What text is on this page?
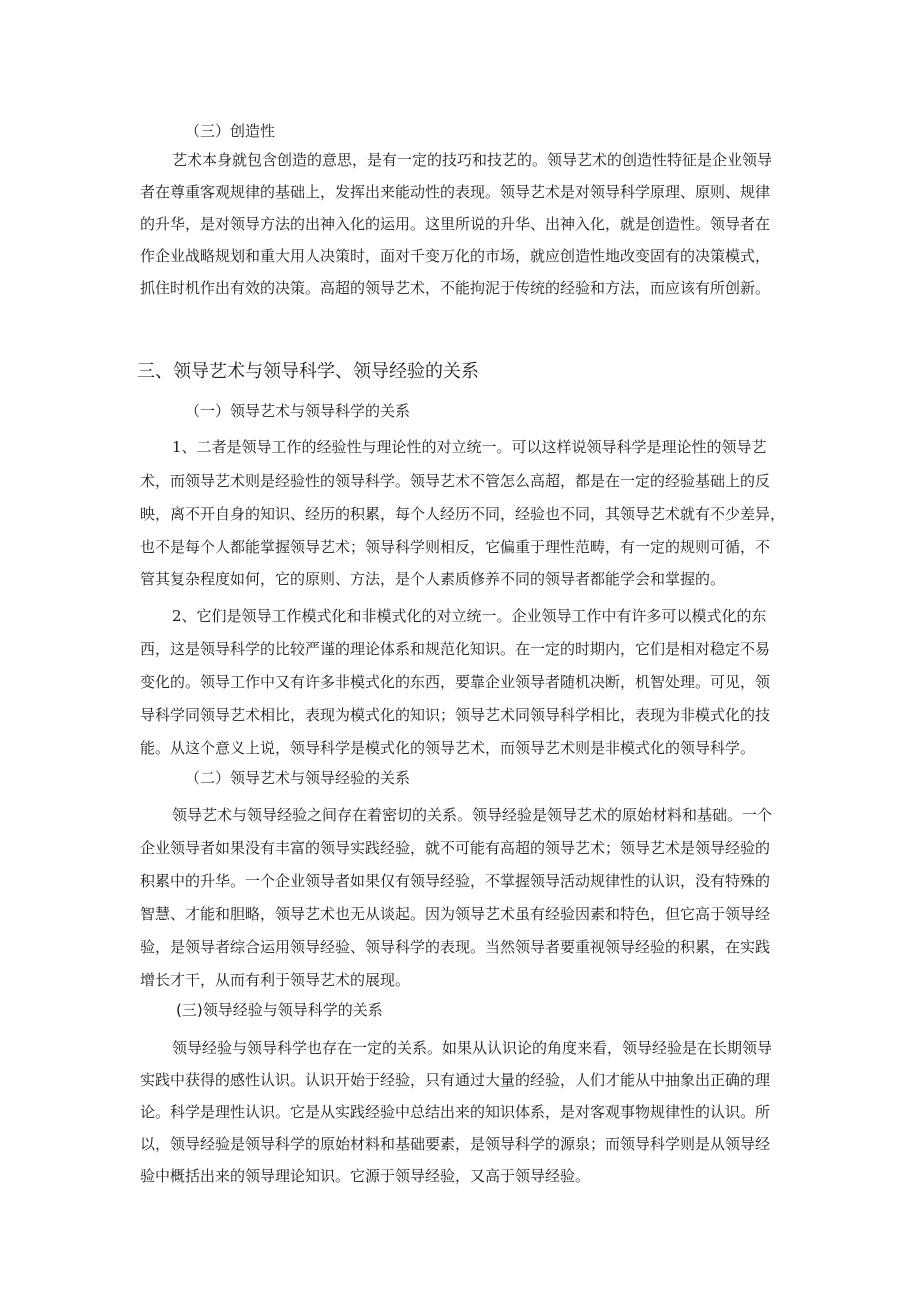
（三）创造性
艺术本身就包含创造的意思，是有一定的技巧和技艺的。领导艺术的创造性特征是企业领导
者在尊重客观规律的基础上，发挥出来能动性的表现。领导艺术是对领导科学原理、原则、规律
的升华，是对领导方法的出神入化的运用。这里所说的升华、出神入化，就是创造性。领导者在
作企业战略规划和重大用人决策时，面对千变万化的市场，就应创造性地改变固有的决策模式，
抓住时机作出有效的决策。高超的领导艺术，不能拘泥于传统的经验和方法，而应该有所创新。
三、领导艺术与领导科学、领导经验的关系
（一）领导艺术与领导科学的关系
1、二者是领导工作的经验性与理论性的对立统一。可以这样说领导科学是理论性的领导艺
术，而领导艺术则是经验性的领导科学。领导艺术不管怎么高超，都是在一定的经验基础上的反
映，离不开自身的知识、经历的积累，每个人经历不同，经验也不同，其领导艺术就有不少差异，
也不是每个人都能掌握领导艺术；领导科学则相反，它偏重于理性范畴，有一定的规则可循，不
管其复杂程度如何，它的原则、方法，是个人素质修养不同的领导者都能学会和掌握的。
2、它们是领导工作模式化和非模式化的对立统一。企业领导工作中有许多可以模式化的东
西，这是领导科学的比较严谨的理论体系和规范化知识。在一定的时期内，它们是相对稳定不易
变化的。领导工作中又有许多非模式化的东西，要靠企业领导者随机决断，机智处理。可见，领
导科学同领导艺术相比，表现为模式化的知识；领导艺术同领导科学相比，表现为非模式化的技
能。从这个意义上说，领导科学是模式化的领导艺术，而领导艺术则是非模式化的领导科学。
（二）领导艺术与领导经验的关系
领导艺术与领导经验之间存在着密切的关系。领导经验是领导艺术的原始材料和基础。一个
企业领导者如果没有丰富的领导实践经验，就不可能有高超的领导艺术；领导艺术是领导经验的
积累中的升华。一个企业领导者如果仅有领导经验，不掌握领导活动规律性的认识，没有特殊的
智慧、才能和胆略，领导艺术也无从谈起。因为领导艺术虽有经验因素和特色，但它高于领导经
验，是领导者综合运用领导经验、领导科学的表现。当然领导者要重视领导经验的积累，在实践
增长才干，从而有利于领导艺术的展现。
(三)领导经验与领导科学的关系
领导经验与领导科学也存在一定的关系。如果从认识论的角度来看，领导经验是在长期领导
实践中获得的感性认识。认识开始于经验，只有通过大量的经验，人们才能从中抽象出正确的理
论。科学是理性认识。它是从实践经验中总结出来的知识体系，是对客观事物规律性的认识。所
以，领导经验是领导科学的原始材料和基础要素，是领导科学的源泉；而领导科学则是从领导经
验中概括出来的领导理论知识。它源于领导经验，又高于领导经验。
